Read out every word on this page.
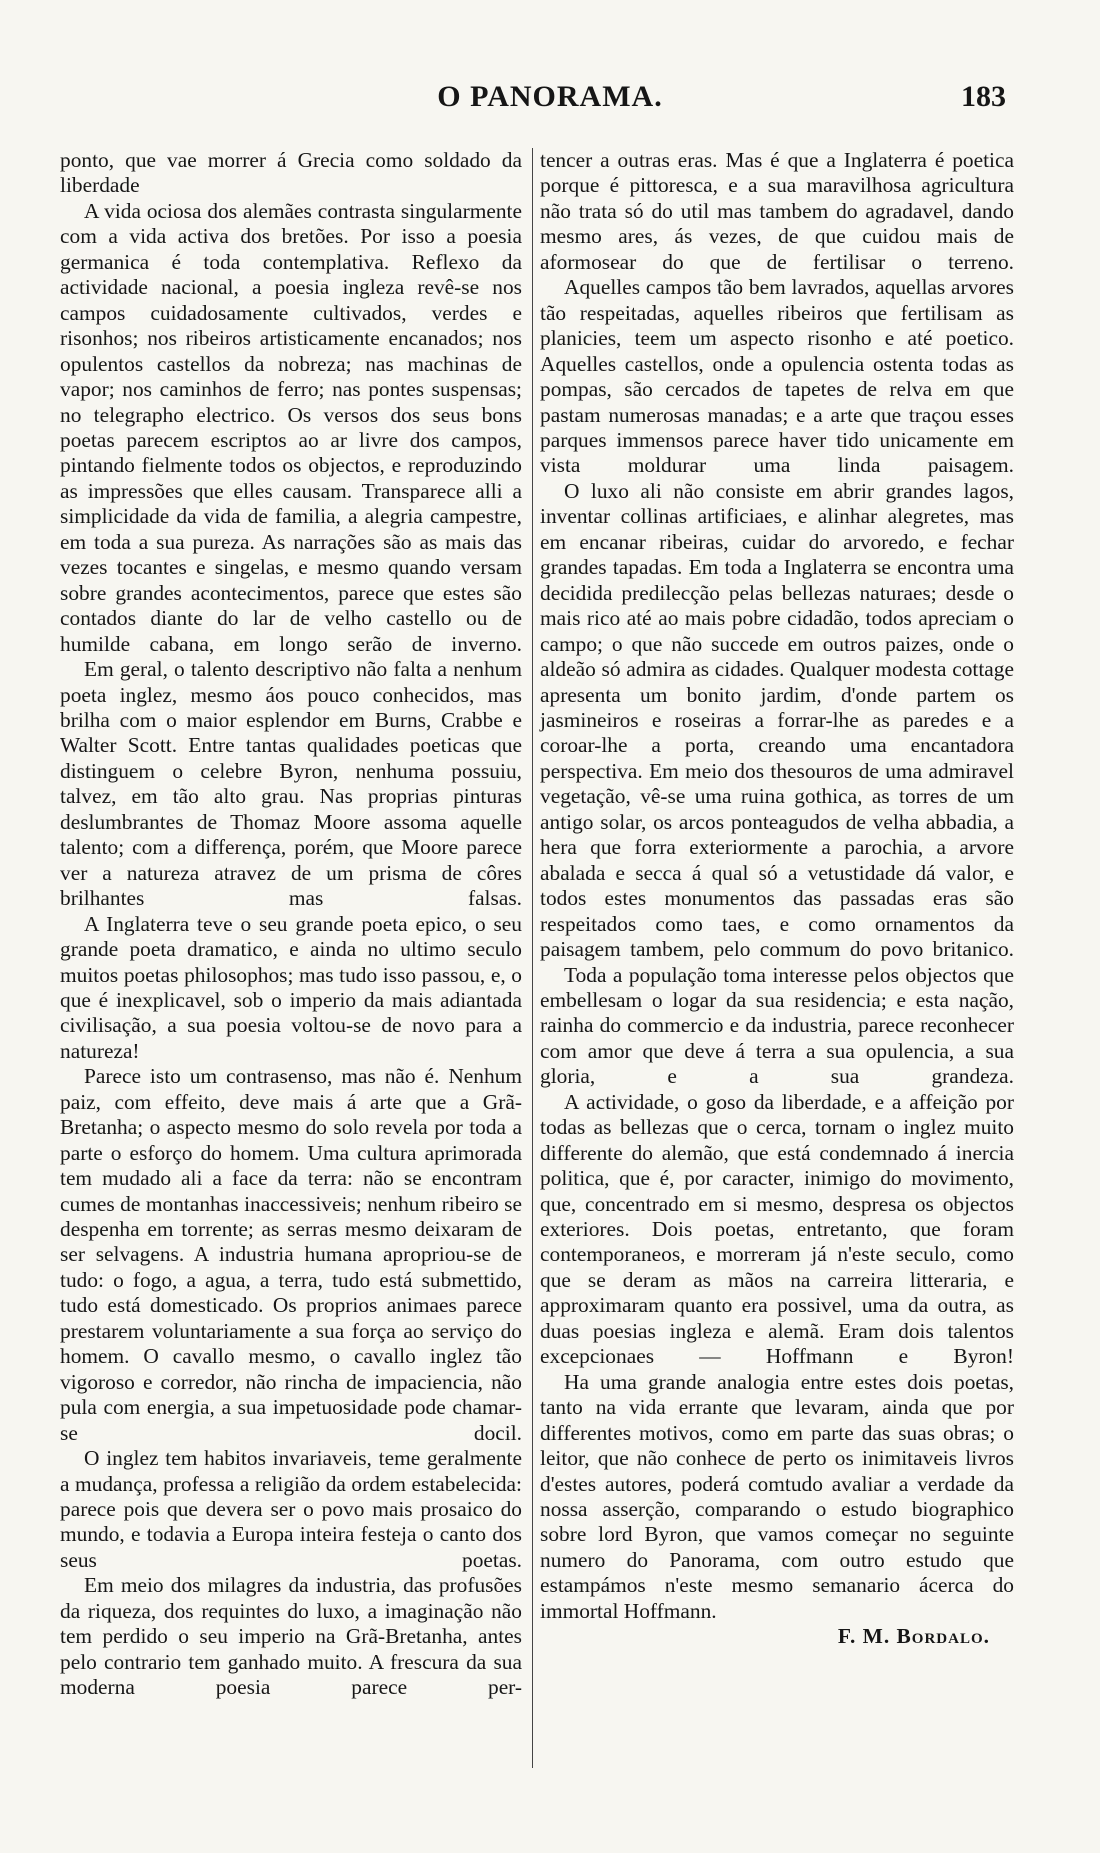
O PANORAMA.	183

ponto, que vae morrer á Grecia como soldado da liberdade

A vida ociosa dos alemães contrasta singularmente com a vida activa dos bretões. Por isso a poesia germanica é toda contemplativa. Reflexo da actividade nacional, a poesia ingleza revê-se nos campos cuidadosamente cultivados, verdes e risonhos; nos ribeiros artisticamente encanados; nos opulentos castellos da nobreza; nas machinas de vapor; nos caminhos de ferro; nas pontes suspensas; no telegrapho electrico. Os versos dos seus bons poetas parecem escriptos ao ar livre dos campos, pintando fielmente todos os objectos, e reproduzindo as impressões que elles causam. Transparece alli a simplicidade da vida de familia, a alegria campestre, em toda a sua pureza. As narrações são as mais das vezes tocantes e singelas, e mesmo quando versam sobre grandes acontecimentos, parece que estes são contados diante do lar de velho castello ou de humilde cabana, em longo serão de inverno.

Em geral, o talento descriptivo não falta a nenhum poeta inglez, mesmo áos pouco conhecidos, mas brilha com o maior esplendor em Burns, Crabbe e Walter Scott. Entre tantas qualidades poeticas que distinguem o celebre Byron, nenhuma possuiu, talvez, em tão alto grau. Nas proprias pinturas deslumbrantes de Thomaz Moore assoma aquelle talento; com a differença, porém, que Moore parece ver a natureza atravez de um prisma de côres brilhantes mas falsas.

A Inglaterra teve o seu grande poeta epico, o seu grande poeta dramatico, e ainda no ultimo seculo muitos poetas philosophos; mas tudo isso passou, e, o que é inexplicavel, sob o imperio da mais adiantada civilisação, a sua poesia voltou-se de novo para a natureza!

Parece isto um contrasenso, mas não é. Nenhum paiz, com effeito, deve mais á arte que a Grã-Bretanha; o aspecto mesmo do solo revela por toda a parte o esforço do homem. Uma cultura aprimorada tem mudado ali a face da terra: não se encontram cumes de montanhas inaccessiveis; nenhum ribeiro se despenha em torrente; as serras mesmo deixaram de ser selvagens. A industria humana apropriou-se de tudo: o fogo, a agua, a terra, tudo está submettido, tudo está domesticado. Os proprios animaes parece prestarem voluntariamente a sua força ao serviço do homem. O cavallo mesmo, o cavallo inglez tão vigoroso e corredor, não rincha de impaciencia, não pula com energia, a sua impetuosidade pode chamar-se docil.

O inglez tem habitos invariaveis, teme geralmente a mudança, professa a religião da ordem estabelecida: parece pois que devera ser o povo mais prosaico do mundo, e todavia a Europa inteira festeja o canto dos seus poetas.

Em meio dos milagres da industria, das profusões da riqueza, dos requintes do luxo, a imaginação não tem perdido o seu imperio na Grã-Bretanha, antes pelo contrario tem ganhado muito. A frescura da sua moderna poesia parece per-

tencer a outras eras. Mas é que a Inglaterra é poetica porque é pittoresca, e a sua maravilhosa agricultura não trata só do util mas tambem do agradavel, dando mesmo ares, ás vezes, de que cuidou mais de aformosear do que de fertilisar o terreno.

Aquelles campos tão bem lavrados, aquellas arvores tão respeitadas, aquelles ribeiros que fertilisam as planicies, teem um aspecto risonho e até poetico. Aquelles castellos, onde a opulencia ostenta todas as pompas, são cercados de tapetes de relva em que pastam numerosas manadas; e a arte que traçou esses parques immensos parece haver tido unicamente em vista moldurar uma linda paisagem.

O luxo ali não consiste em abrir grandes lagos, inventar collinas artificiaes, e alinhar alegretes, mas em encanar ribeiras, cuidar do arvoredo, e fechar grandes tapadas. Em toda a Inglaterra se encontra uma decidida predilecção pelas bellezas naturaes; desde o mais rico até ao mais pobre cidadão, todos apreciam o campo; o que não succede em outros paizes, onde o aldeão só admira as cidades. Qualquer modesta cottage apresenta um bonito jardim, d'onde partem os jasmineiros e roseiras a forrar-lhe as paredes e a coroar-lhe a porta, creando uma encantadora perspectiva. Em meio dos thesouros de uma admiravel vegetação, vê-se uma ruina gothica, as torres de um antigo solar, os arcos ponteagudos de velha abbadia, a hera que forra exteriormente a parochia, a arvore abalada e secca á qual só a vetustidade dá valor, e todos estes monumentos das passadas eras são respeitados como taes, e como ornamentos da paisagem tambem, pelo commum do povo britanico.

Toda a população toma interesse pelos objectos que embellesam o logar da sua residencia; e esta nação, rainha do commercio e da industria, parece reconhecer com amor que deve á terra a sua opulencia, a sua gloria, e a sua grandeza.

A actividade, o goso da liberdade, e a affeição por todas as bellezas que o cerca, tornam o inglez muito differente do alemão, que está condemnado á inercia politica, que é, por caracter, inimigo do movimento, que, concentrado em si mesmo, despresa os objectos exteriores. Dois poetas, entretanto, que foram contemporaneos, e morreram já n'este seculo, como que se deram as mãos na carreira litteraria, e approximaram quanto era possivel, uma da outra, as duas poesias ingleza e alemã. Eram dois talentos excepcionaes — Hoffmann e Byron!

Ha uma grande analogia entre estes dois poetas, tanto na vida errante que levaram, ainda que por differentes motivos, como em parte das suas obras; o leitor, que não conhece de perto os inimitaveis livros d'estes autores, poderá comtudo avaliar a verdade da nossa asserção, comparando o estudo biographico sobre lord Byron, que vamos começar no seguinte numero do Panorama, com outro estudo que estampámos n'este mesmo semanario ácerca do immortal Hoffmann.

F. M. Bordalo.
